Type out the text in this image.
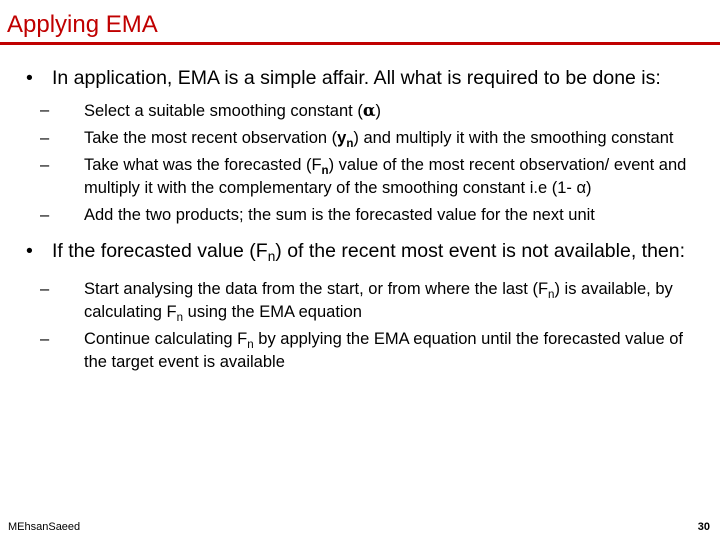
Applying EMA
• In application, EMA is a simple affair. All what is required to be done is:
– Select a suitable smoothing constant (α)
– Take the most recent observation $(y_n)$ and multiply it with the smoothing constant
– Take what was the forecasted $(F_n)$ value of the most recent observation/ event and multiply it with the complementary of the smoothing constant i.e (1- α)
– Add the two products; the sum is the forecasted value for the next unit
• If the forecasted value $(F_n)$ of the recent most event is not available, then:
– Start analysing the data from the start, or from where the last $(F_n)$ is available, by calculating $F_n$ using the EMA equation
– Continue calculating $F_n$ by applying the EMA equation until the forecasted value of the target event is available
MEhsanSaeed	30
